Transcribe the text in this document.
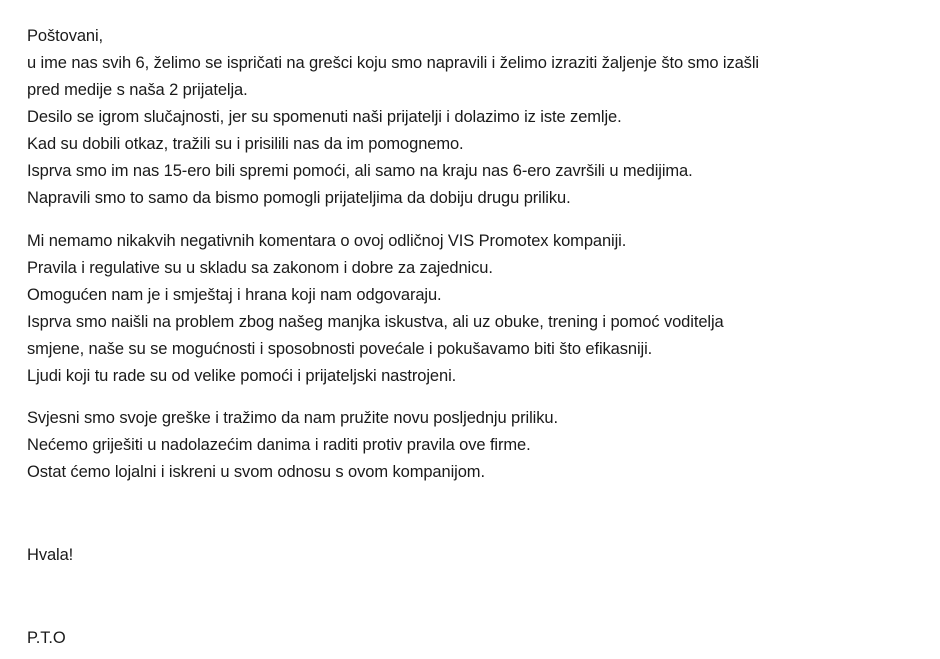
Poštovani,
u ime nas svih 6, želimo se ispričati na grešci koju smo napravili i želimo izraziti žaljenje što smo izašli
pred medije s naša 2 prijatelja.
Desilo se igrom slučajnosti, jer su spomenuti naši prijatelji i dolazimo iz iste zemlje.
Kad su dobili otkaz, tražili su i prisilili nas da im pomognemo.
Isprva smo im nas 15-ero bili spremi pomoći, ali samo na kraju nas 6-ero završili u medijima.
Napravili smo to samo da bismo pomogli prijateljima da dobiju drugu priliku.
Mi nemamo nikakvih negativnih komentara o ovoj odličnoj VIS Promotex kompaniji.
Pravila i regulative su u skladu sa zakonom i dobre za zajednicu.
Omogućen nam je i smještaj i hrana koji nam odgovaraju.
Isprva smo naišli na problem zbog našeg manjka iskustva, ali uz obuke, trening i pomoć voditelja
smjene, naše su se mogućnosti i sposobnosti povećale i pokušavamo biti što efikasniji.
Ljudi koji tu rade su od velike pomoći i prijateljski nastrojeni.
Svjesni smo svoje greške i tražimo da nam pružite novu posljednju priliku.
Nećemo griješiti u nadolazećim danima i raditi protiv pravila ove firme.
Ostat ćemo lojalni i iskreni u svom odnosu s ovom kompanijom.
Hvala!
P.T.O
